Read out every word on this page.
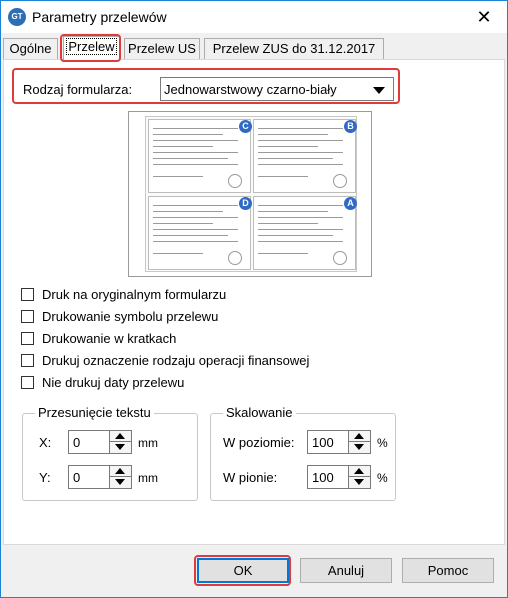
GT Parametry przelewów	✕
Ogólne	Przelew	Przelew US	Przelew ZUS do 31.12.2017
Rodzaj formularza: Jednowarstwowy czarno-biały
C	B
D	A
Druk na oryginalnym formularzu
Drukowanie symbolu przelewu
Drukowanie w kratkach
Drukuj oznaczenie rodzaju operacji finansowej
Nie drukuj daty przelewu
Przesunięcie tekstu
X: 0	mm
Y: 0	mm
Skalowanie
W poziomie: 100	%
W pionie:	100	%
OK	Anuluj	Pomoc
